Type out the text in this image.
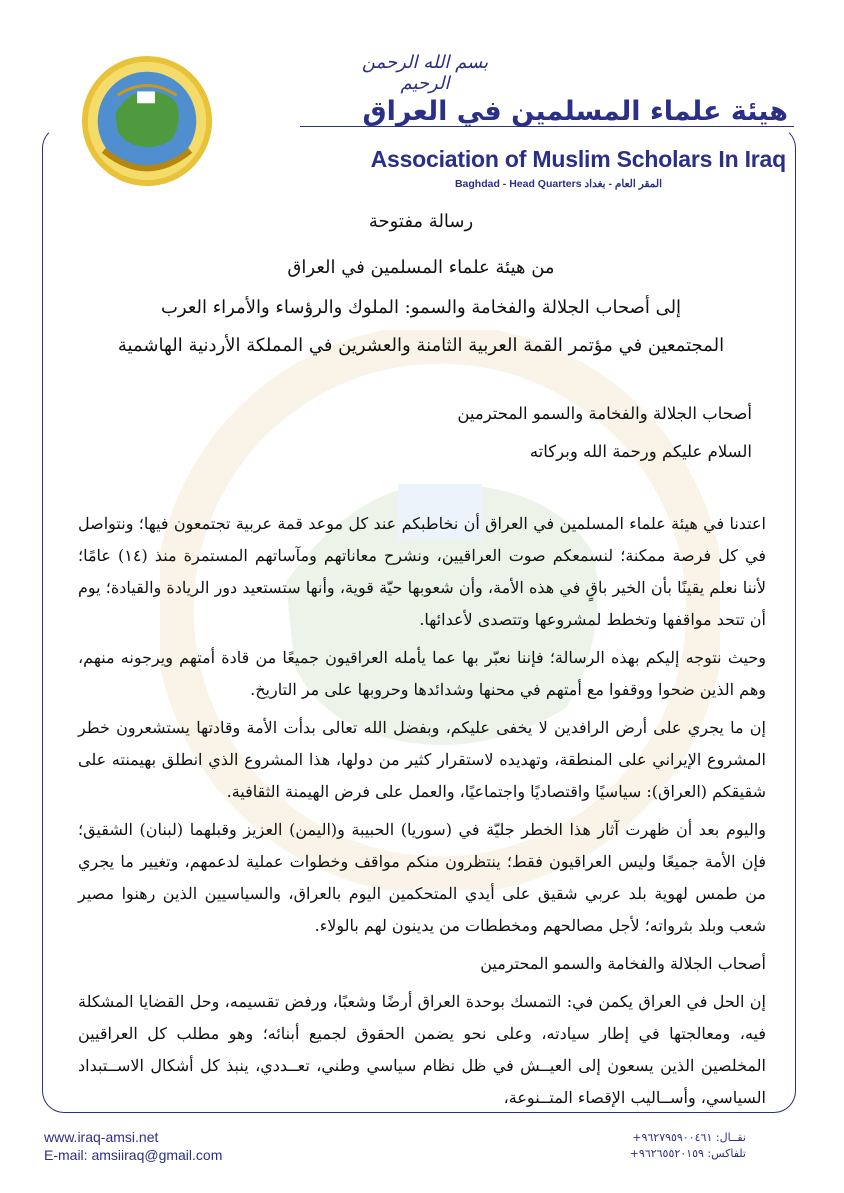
بسم الله الرحمن الرحيم
هيئة علماء المسلمين في العراق
Association of Muslim Scholars In Iraq
Baghdad - Head Quarters المقر العام - بغداد
رسالة مفتوحة
من هيئة علماء المسلمين في العراق
إلى أصحاب الجلالة والفخامة والسمو: الملوك والرؤساء والأمراء العرب
المجتمعين في مؤتمر القمة العربية الثامنة والعشرين في المملكة الأردنية الهاشمية
أصحاب الجلالة والفخامة والسمو المحترمين
السلام عليكم ورحمة الله وبركاته

اعتدنا في هيئة علماء المسلمين في العراق أن نخاطبكم عند كل موعد قمة عربية تجتمعون فيها؛ ونتواصل في كل فرصة ممكنة؛ لنسمعكم صوت العراقيين، ونشرح معاناتهم ومآساتهم المستمرة منذ (١٤) عامًا؛ لأننا نعلم يقينًا بأن الخير باقٍ في هذه الأمة، وأن شعوبها حيّة قوية، وأنها ستستعيد دور الريادة والقيادة؛ يوم أن تتحد مواقفها وتخطط لمشروعها وتتصدى لأعدائها.

وحيث نتوجه إليكم بهذه الرسالة؛ فإننا نعبّر بها عما يأمله العراقيون جميعًا من قادة أمتهم ويرجونه منهم، وهم الذين ضحوا ووقفوا مع أمتهم في محنها وشدائدها وحروبها على مر التاريخ.

إن ما يجري على أرض الرافدين لا يخفى عليكم، وبفضل الله تعالى بدأت الأمة وقادتها يستشعرون خطر المشروع الإيراني على المنطقة، وتهديده لاستقرار كثير من دولها، هذا المشروع الذي انطلق بهيمنته على شقيقكم (العراق): سياسيًا واقتصاديًا واجتماعيًا، والعمل على فرض الهيمنة الثقافية.

واليوم بعد أن ظهرت آثار هذا الخطر جليّة في (سوريا) الحبيبة و(اليمن) العزيز وقبلهما (لبنان) الشقيق؛ فإن الأمة جميعًا وليس العراقيون فقط؛ ينتظرون منكم مواقف وخطوات عملية لدعمهم، وتغيير ما يجري من طمس لهوية بلد عربي شقيق على أيدي المتحكمين اليوم بالعراق، والسياسيين الذين رهنوا مصير شعب وبلد بثرواته؛ لأجل مصالحهم ومخططات من يدينون لهم بالولاء.

أصحاب الجلالة والفخامة والسمو المحترمين

إن الحل في العراق يكمن في: التمسك بوحدة العراق أرضًا وشعبًا، ورفض تقسيمه، وحل القضايا المشكلة فيه، ومعالجتها في إطار سيادته، وعلى نحو يضمن الحقوق لجميع أبنائه؛ وهو مطلب كل العراقيين المخلصين الذين يسعون إلى العيــش في ظل نظام سياسي وطني، تعــددي، ينبذ كل أشكال الاســتبداد السياسي، وأســاليب الإقصاء المتــنوعة،

www.iraq-amsi.net
E-mail: amsiiraq@gmail.com
نقــال: ٩٦٢٧٩٥٩٠٠٤٦١+
تلفاكس: ٩٦٢٦٥٥٢٠١٥٩+
